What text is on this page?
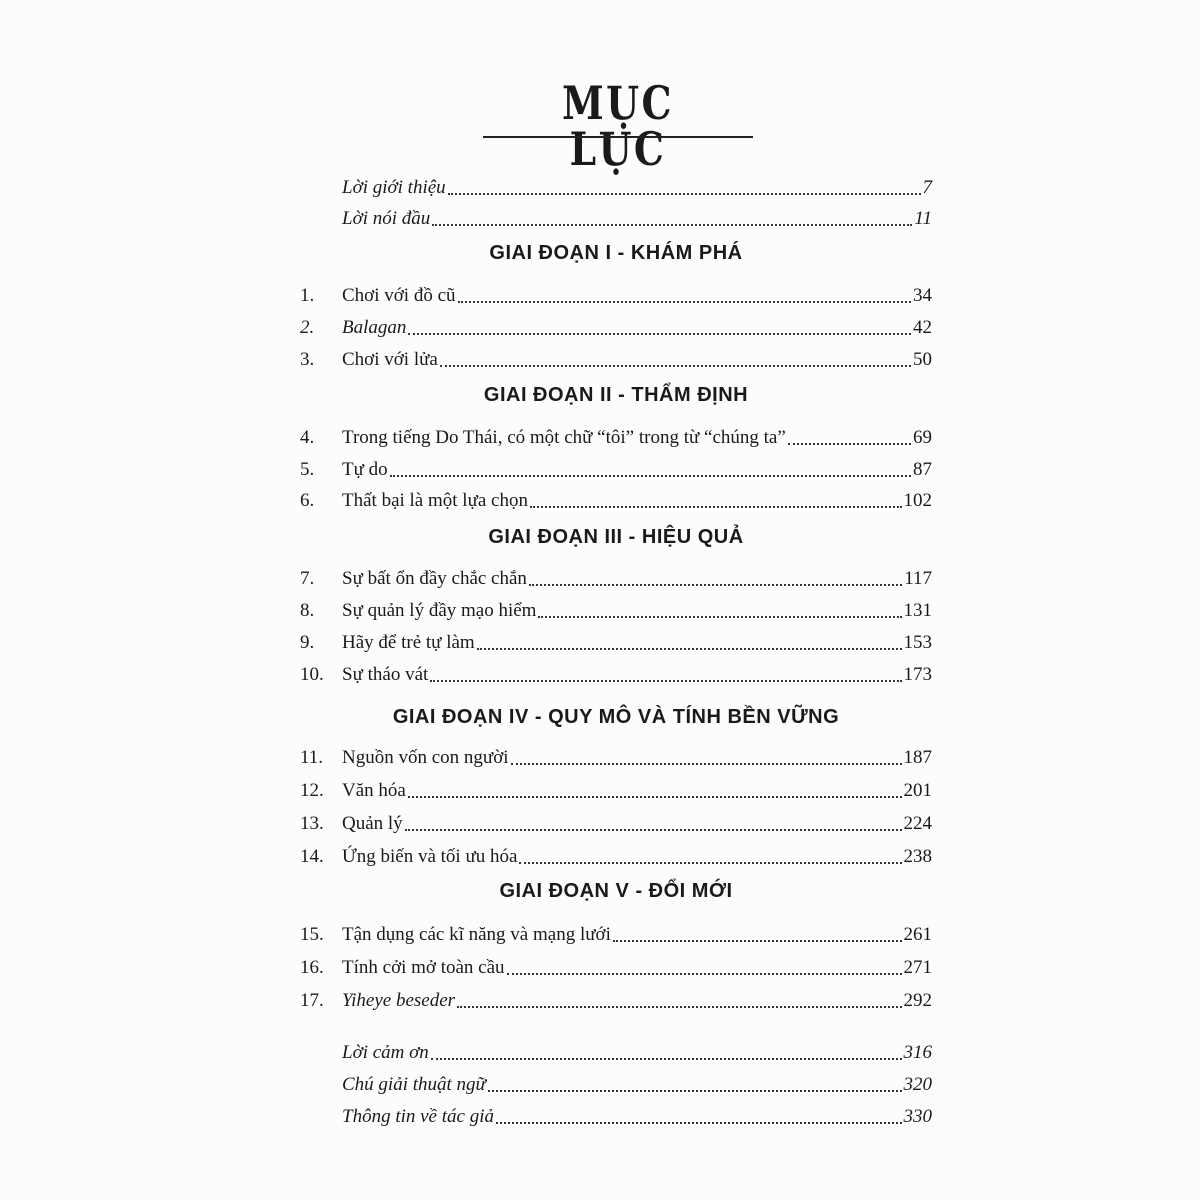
MỤC LỤC
Lời giới thiệu	7
Lời nói đầu	11
GIAI ĐOẠN I - KHÁM PHÁ
1.	Chơi với đồ cũ	34
2.	Balagan	42
3.	Chơi với lửa	50
GIAI ĐOẠN II - THẨM ĐỊNH
4.	Trong tiếng Do Thái, có một chữ “tôi” trong từ “chúng ta”	69
5.	Tự do	87
6.	Thất bại là một lựa chọn	102
GIAI ĐOẠN III - HIỆU QUẢ
7.	Sự bất ổn đầy chắc chắn	117
8.	Sự quản lý đầy mạo hiểm	131
9.	Hãy để trẻ tự làm	153
10. Sự tháo vát	173
GIAI ĐOẠN IV - QUY MÔ VÀ TÍNH BỀN VỮNG
11. Nguồn vốn con người	187
12. Văn hóa	201
13. Quản lý	224
14. Ứng biến và tối ưu hóa	238
GIAI ĐOẠN V - ĐỔI MỚI
15. Tận dụng các kĩ năng và mạng lưới	261
16. Tính cởi mở toàn cầu	271
17. Yiheye beseder	292
Lời cảm ơn	316
Chú giải thuật ngữ	320
Thông tin về tác giả	330
